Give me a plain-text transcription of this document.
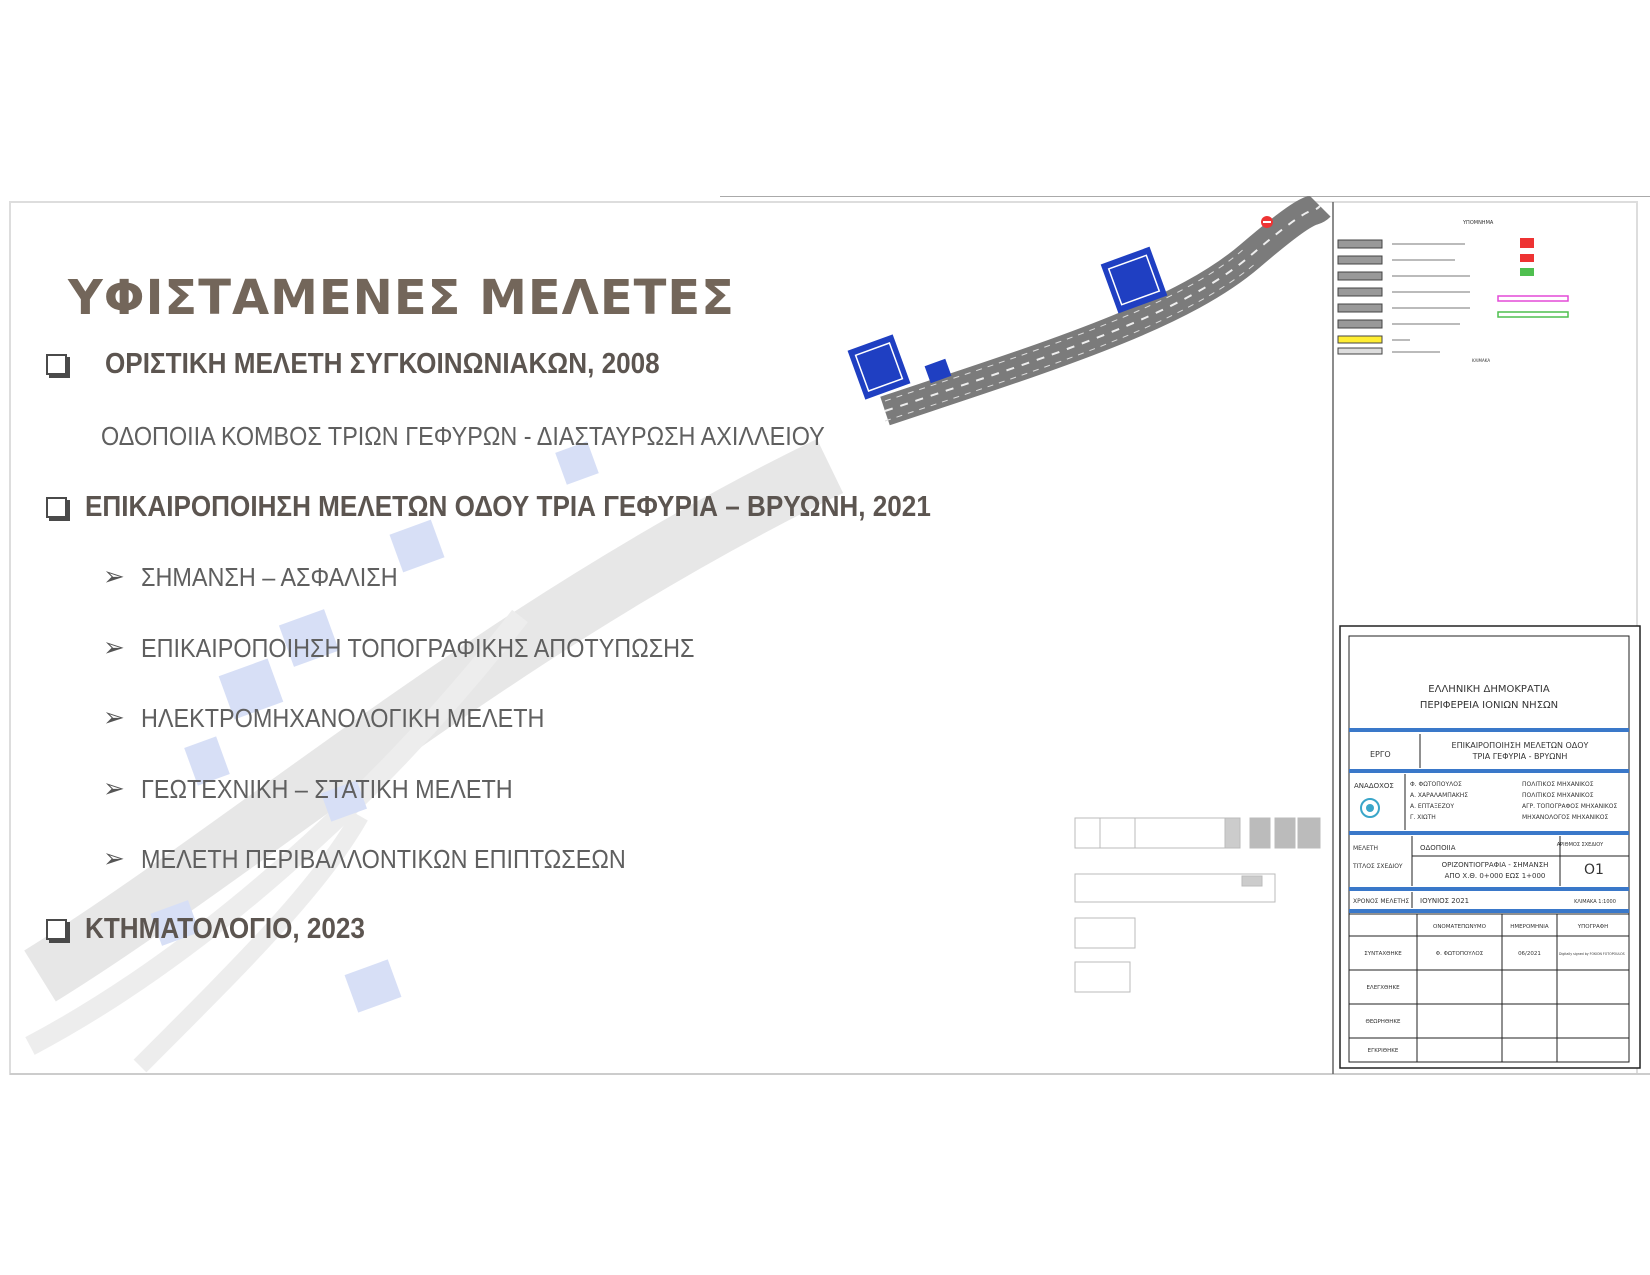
ΥΠΟΜΝΗΜΑ
ΚΛΙΜΑΚΑ
ΕΛΛΗΝΙΚΗ ΔΗΜΟΚΡΑΤΙΑ
ΠΕΡΙΦΕΡΕΙΑ ΙΟΝΙΩΝ ΝΗΣΩΝ
ΕΡΓΟ
ΕΠΙΚΑΙΡΟΠΟΙΗΣΗ ΜΕΛΕΤΩΝ ΟΔΟΥ
ΤΡΙΑ ΓΕΦΥΡΙΑ - ΒΡΥΩΝΗ
ΑΝΑΔΟΧΟΣ	Φ. ΦΩΤΟΠΟΥΛΟΣ	ΠΟΛΙΤΙΚΟΣ ΜΗΧΑΝΙΚΟΣ
Α. ΧΑΡΑΛΑΜΠΑΚΗΣ	ΠΟΛΙΤΙΚΟΣ ΜΗΧΑΝΙΚΟΣ
Α. ΕΠΤΑΞΕΖΟΥ	ΑΓΡ. ΤΟΠΟΓΡΑΦΟΣ ΜΗΧΑΝΙΚΟΣ
Γ. ΧΙΩΤΗ	ΜΗΧΑΝΟΛΟΓΟΣ ΜΗΧΑΝΙΚΟΣ
ΜΕΛΕΤΗ	ΟΔΟΠΟΙΙΑ	ΑΡΙΘΜΟΣ ΣΧΕΔΙΟΥ
ΤΙΤΛΟΣ ΣΧΕΔΙΟΥ	ΟΡΙΖΟΝΤΙΟΓΡΑΦΙΑ - ΣΗΜΑΝΣΗ
ΑΠΟ Χ.Θ. 0+000 ΕΩΣ 1+000	Ο1
ΧΡΟΝΟΣ ΜΕΛΕΤΗΣ ΙΟΥΝΙΟΣ 2021	ΚΛΙΜΑΚΑ 1:1000
ΟΝΟΜΑΤΕΠΩΝΥΜΟ	ΗΜΕΡΟΜΗΝΙΑ	ΥΠΟΓΡΑΦΗ
ΣΥΝΤΑΧΘΗΚΕ	Φ. ΦΩΤΟΠΟΥΛΟΣ	06/2021	Digitally signed by FOKION FOTOPOULOS
ΕΛΕΓΧΘΗΚΕ
ΘΕΩΡΗΘΗΚΕ
ΕΓΚΡΙΘΗΚΕ
ΥΦΙΣΤΑΜΕΝΕΣ ΜΕΛΕΤΕΣ
ΟΡΙΣΤΙΚΗ ΜΕΛΕΤΗ ΣΥΓΚΟΙΝΩΝΙΑΚΩΝ, 2008
ΟΔΟΠΟΙΙΑ ΚΟΜΒΟΣ ΤΡΙΩΝ ΓΕΦΥΡΩΝ - ΔΙΑΣΤΑΥΡΩΣΗ ΑΧΙΛΛΕΙΟΥ
ΕΠΙΚΑΙΡΟΠΟΙΗΣΗ ΜΕΛΕΤΩΝ ΟΔΟΥ ΤΡΙΑ ΓΕΦΥΡΙΑ – ΒΡΥΩΝΗ, 2021
➢ ΣΗΜΑΝΣΗ – ΑΣΦΑΛΙΣΗ
➢ ΕΠΙΚΑΙΡΟΠΟΙΗΣΗ ΤΟΠΟΓΡΑΦΙΚΗΣ ΑΠΟΤΥΠΩΣΗΣ
➢ ΗΛΕΚΤΡΟΜΗΧΑΝΟΛΟΓΙΚΗ ΜΕΛΕΤΗ
➢ ΓΕΩΤΕΧΝΙΚΗ – ΣΤΑΤΙΚΗ ΜΕΛΕΤΗ
➢ ΜΕΛΕΤΗ ΠΕΡΙΒΑΛΛΟΝΤΙΚΩΝ ΕΠΙΠΤΩΣΕΩΝ
ΚΤΗΜΑΤΟΛΟΓΙΟ, 2023
